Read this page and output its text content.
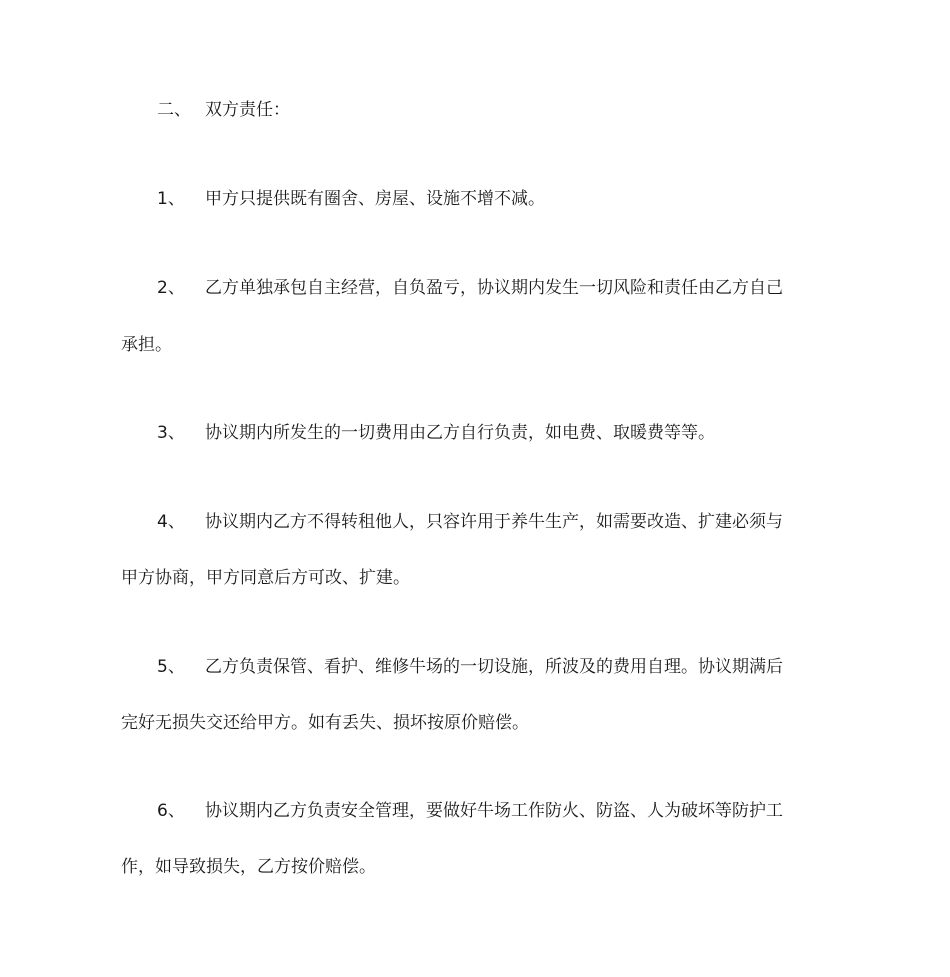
二、 双方责任：
1、 甲方只提供既有圈舍、房屋、设施不增不减。
2、 乙方单独承包自主经营，自负盈亏，协议期内发生一切风险和责任由乙方自己
承担。
3、 协议期内所发生的一切费用由乙方自行负责，如电费、取暖费等等。
4、 协议期内乙方不得转租他人，只容许用于养牛生产，如需要改造、扩建必须与
甲方协商，甲方同意后方可改、扩建。
5、 乙方负责保管、看护、维修牛场的一切设施，所波及的费用自理。协议期满后
完好无损失交还给甲方。如有丢失、损坏按原价赔偿。
6、 协议期内乙方负责安全管理，要做好牛场工作防火、防盗、人为破坏等防护工
作，如导致损失，乙方按价赔偿。
